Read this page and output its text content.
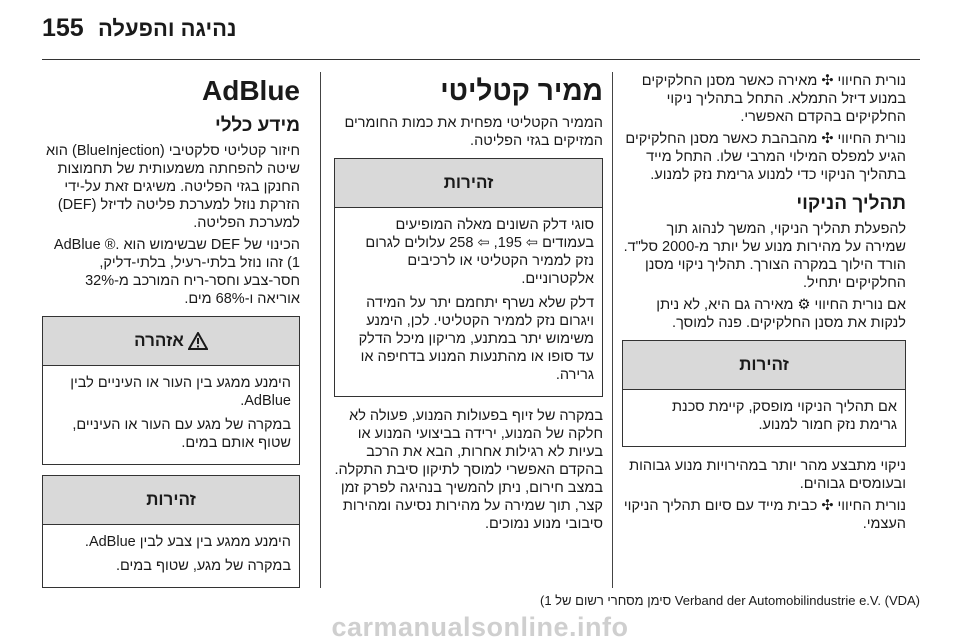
155 נהיגה והפעלה

נורית החיווי ✣ מאירה כאשר מסנן החלקיקים במנוע דיזל התמלא. התחל בתהליך ניקוי החלקיקים בהקדם האפשרי.

נורית החיווי ✣ מהבהבת כאשר מסנן החלקיקים הגיע למפלס המילוי המרבי שלו. התחל מייד בתהליך הניקוי כדי למנוע גרימת נזק למנוע.

תהליך הניקוי

להפעלת תהליך הניקוי, המשך לנהוג תוך שמירה על מהירות מנוע של יותר מ-2000 סל"ד. הורד הילוך במקרה הצורך. תהליך ניקוי מסנן החלקיקים יתחיל.

אם נורית החיווי ⚙ מאירה גם היא, לא ניתן לנקות את מסנן החלקיקים. פנה למוסך.

זהירות

אם תהליך הניקוי מופסק, קיימת סכנת גרימת נזק חמור למנוע.

ניקוי מתבצע מהר יותר במהירויות מנוע גבוהות ובעומסים גבוהים.

נורית החיווי ✣ כבית מייד עם סיום תהליך הניקוי העצמי.

ממיר קטליטי

הממיר הקטליטי מפחית את כמות החומרים המזיקים בגזי הפליטה.

זהירות

סוגי דלק השונים מאלה המופיעים בעמודים ⇦ 195, ⇦ 258 עלולים לגרום נזק לממיר הקטליטי או לרכיבים אלקטרוניים.

דלק שלא נשרף יתחמם יתר על המידה ויגרום נזק לממיר הקטליטי. לכן, הימנע משימוש יתר במתנע, מריקון מיכל הדלק עד סופו או מהתנעות המנוע בדחיפה או גרירה.

במקרה של זיוף בפעולות המנוע, פעולה לא חלקה של המנוע, ירידה בביצועי המנוע או בעיות לא רגילות אחרות, הבא את הרכב בהקדם האפשרי למוסך לתיקון סיבת התקלה. במצב חירום, ניתן להמשיך בנהיגה לפרק זמן קצר, תוך שמירה על מהירות נסיעה ומהירות סיבובי מנוע נמוכים.

AdBlue
מידע כללי

חיזור קטליטי סלקטיבי (BlueInjection) הוא שיטה להפחתה משמעותית של תחמוצות החנקן בגזי הפליטה. משיגים זאת על-ידי הזרקת נוזל למערכת פליטה לדיזל (DEF) למערכת הפליטה.

הכינוי של DEF שבשימוש הוא AdBlue ®.(1 זהו נוזל בלתי-רעיל, בלתי-דליק, חסר-צבע וחסר-ריח המורכב מ-32% אוריאה ו-68% מים.

אזהרה

הימנע ממגע בין העור או העיניים לבין AdBlue.

במקרה של מגע עם העור או העיניים, שטוף אותם במים.

זהירות

הימנע ממגע בין צבע לבין AdBlue.

במקרה של מגע, שטוף במים.

(1 סימן מסחרי רשום של Verband der Automobilindustrie e.V. (VDA)
carmanualsonline.info
